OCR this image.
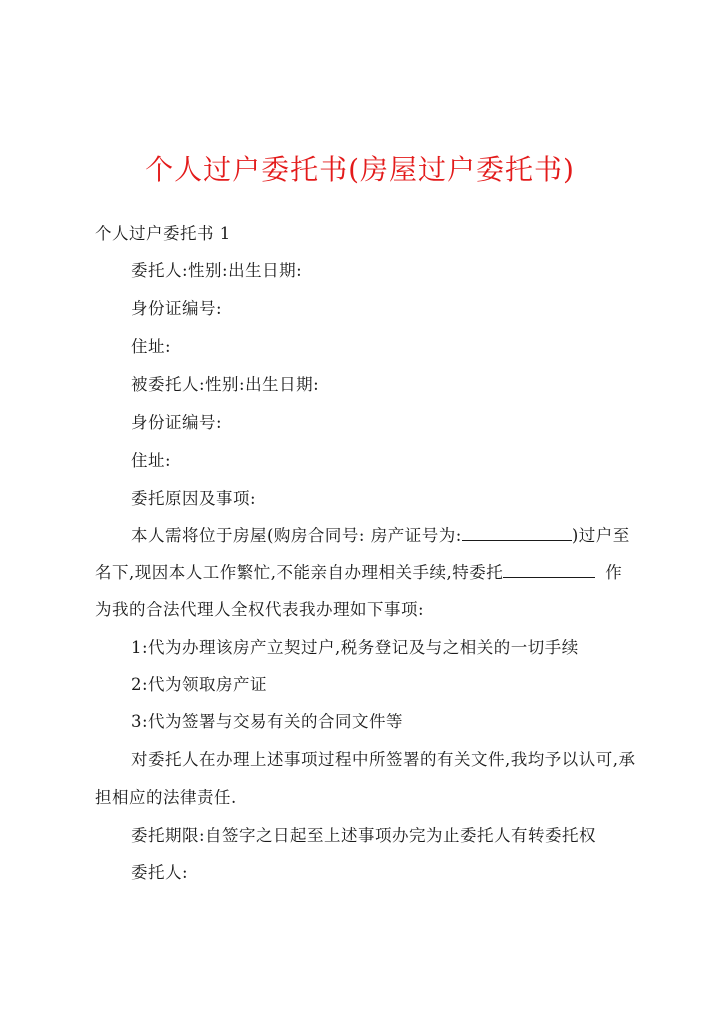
个人过户委托书(房屋过户委托书)
个人过户委托书 1
委托人:性别:出生日期:
身份证编号:
住址:
被委托人:性别:出生日期:
身份证编号:
住址:
委托原因及事项:
本人需将位于房屋(购房合同号: 房产证号为:	)过户至
名下,现因本人工作繁忙,不能亲自办理相关手续,特委托	作
为我的合法代理人全权代表我办理如下事项:
1:代为办理该房产立契过户,税务登记及与之相关的一切手续
2:代为领取房产证
3:代为签署与交易有关的合同文件等
对委托人在办理上述事项过程中所签署的有关文件,我均予以认可,承
担相应的法律责任.
委托期限:自签字之日起至上述事项办完为止委托人有转委托权
委托人:
